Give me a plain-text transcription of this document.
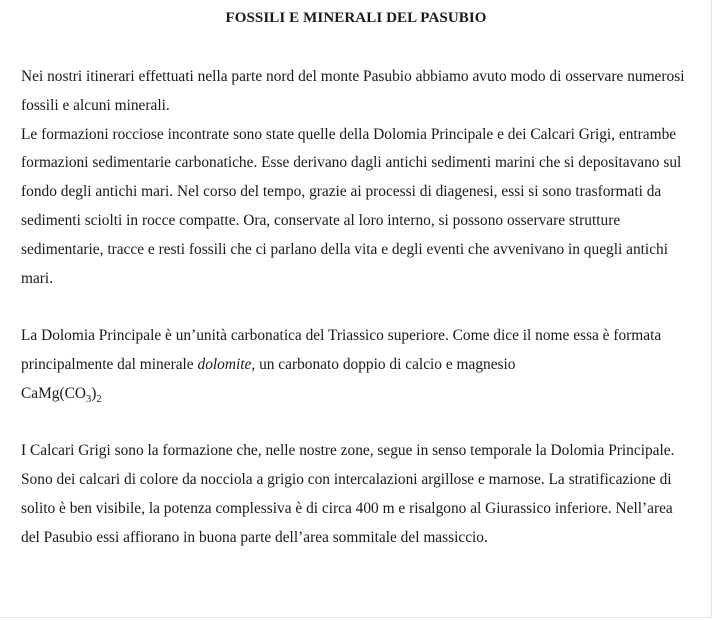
FOSSILI E MINERALI DEL PASUBIO

Nei nostri itinerari effettuati nella parte nord del monte Pasubio abbiamo avuto modo di osservare numerosi fossili e alcuni minerali.

Le formazioni rocciose incontrate sono state quelle della Dolomia Principale e dei Calcari Grigi, entrambe formazioni sedimentarie carbonatiche. Esse derivano dagli antichi sedimenti marini che si depositavano sul fondo degli antichi mari. Nel corso del tempo, grazie ai processi di diagenesi, essi si sono trasformati da sedimenti sciolti in rocce compatte. Ora, conservate al loro interno, si possono osservare strutture sedimentarie, tracce e resti fossili che ci parlano della vita e degli eventi che avvenivano in quegli antichi mari.

La Dolomia Principale è un’unità carbonatica del Triassico superiore. Come dice il nome essa è formata principalmente dal minerale dolomite, un carbonato doppio di calcio e magnesio
$CaMg(CO_3)_2$

I Calcari Grigi sono la formazione che, nelle nostre zone, segue in senso temporale la Dolomia Principale. Sono dei calcari di colore da nocciola a grigio con intercalazioni argillose e marnose. La stratificazione di solito è ben visibile, la potenza complessiva è di circa 400 m e risalgono al Giurassico inferiore. Nell’area del Pasubio essi affiorano in buona parte dell’area sommitale del massiccio.
